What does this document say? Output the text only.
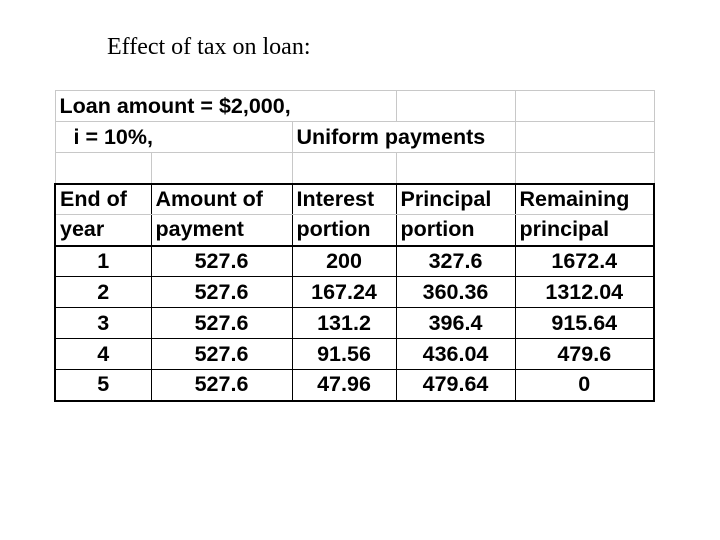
Effect of tax on loan:
Loan amount = $2,000,				
i = 10%,		Uniform payments		

End of	Amount of	Interest	Principal	Remaining
year	payment	portion	portion	principal
1	527.6	200	327.6	1672.4
2	527.6	167.24	360.36	1312.04
3	527.6	131.2	396.4	915.64
4	527.6	91.56	436.04	479.6
5	527.6	47.96	479.64	0
